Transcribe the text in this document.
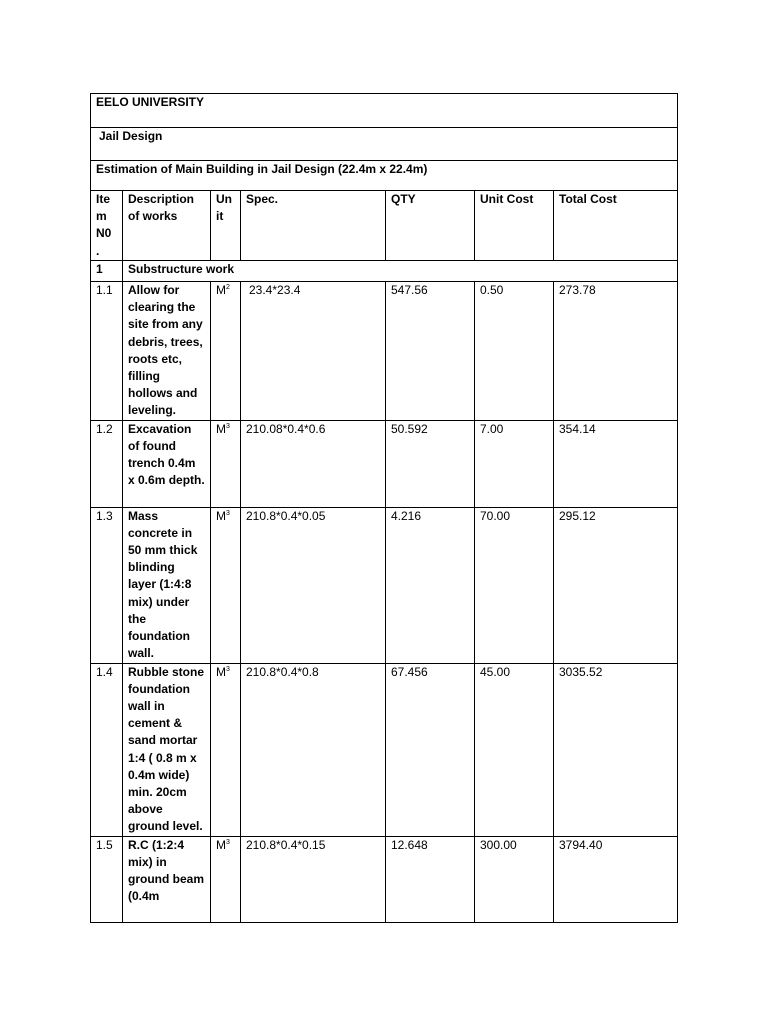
EELO UNIVERSITY						
Jail Design						
Estimation of Main Building in Jail Design (22.4m x 22.4m)						
Item N0 .	Description of works	Unit	Spec.	QTY	Unit Cost	Total Cost
1	Substructure work					
1.1	Allow for clearing the site from any debris, trees, roots etc, filling hollows and leveling.	$M^2$	23.4*23.4	547.56	0.50	273.78
1.2	Excavation of found trench 0.4m x 0.6m depth.	$M^3$	210.08*0.4*0.6	50.592	7.00	354.14
1.3	Mass concrete in 50 mm thick blinding layer (1:4:8 mix) under the foundation wall.	$M^3$	210.8*0.4*0.05	4.216	70.00	295.12
1.4	Rubble stone foundation wall in cement & sand mortar 1:4 ( 0.8 m x 0.4m wide) min. 20cm above ground level.	$M^3$	210.8*0.4*0.8	67.456	45.00	3035.52
1.5	R.C (1:2:4 mix) in ground beam (0.4m	$M^3$	210.8*0.4*0.15	12.648	300.00	3794.40
